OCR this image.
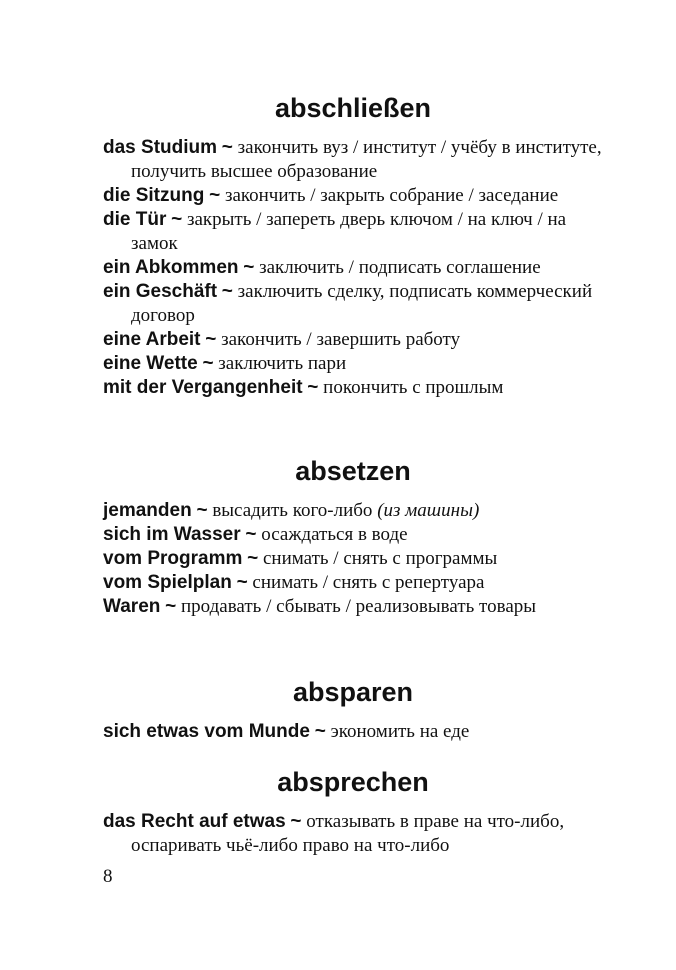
abschließen
das Studium ~ закончить вуз / институт / учёбу в институте, получить высшее образование
die Sitzung ~ закончить / закрыть собрание / заседание
die Tür ~ закрыть / запереть дверь ключом / на ключ / на замок
ein Abkommen ~ заключить / подписать соглашение
ein Geschäft ~ заключить сделку, подписать коммерческий договор
eine Arbeit ~ закончить / завершить работу
eine Wette ~ заключить пари
mit der Vergangenheit ~ покончить с прошлым
absetzen
jemanden ~ высадить кого-либо (из машины)
sich im Wasser ~ осаждаться в воде
vom Programm ~ снимать / снять с программы
vom Spielplan ~ снимать / снять с репертуара
Waren ~ продавать / сбывать / реализовывать товары
absparen
sich etwas vom Munde ~ экономить на еде
absprechen
das Recht auf etwas ~ отказывать в праве на что-либо, оспаривать чьё-либо право на что-либо
8
